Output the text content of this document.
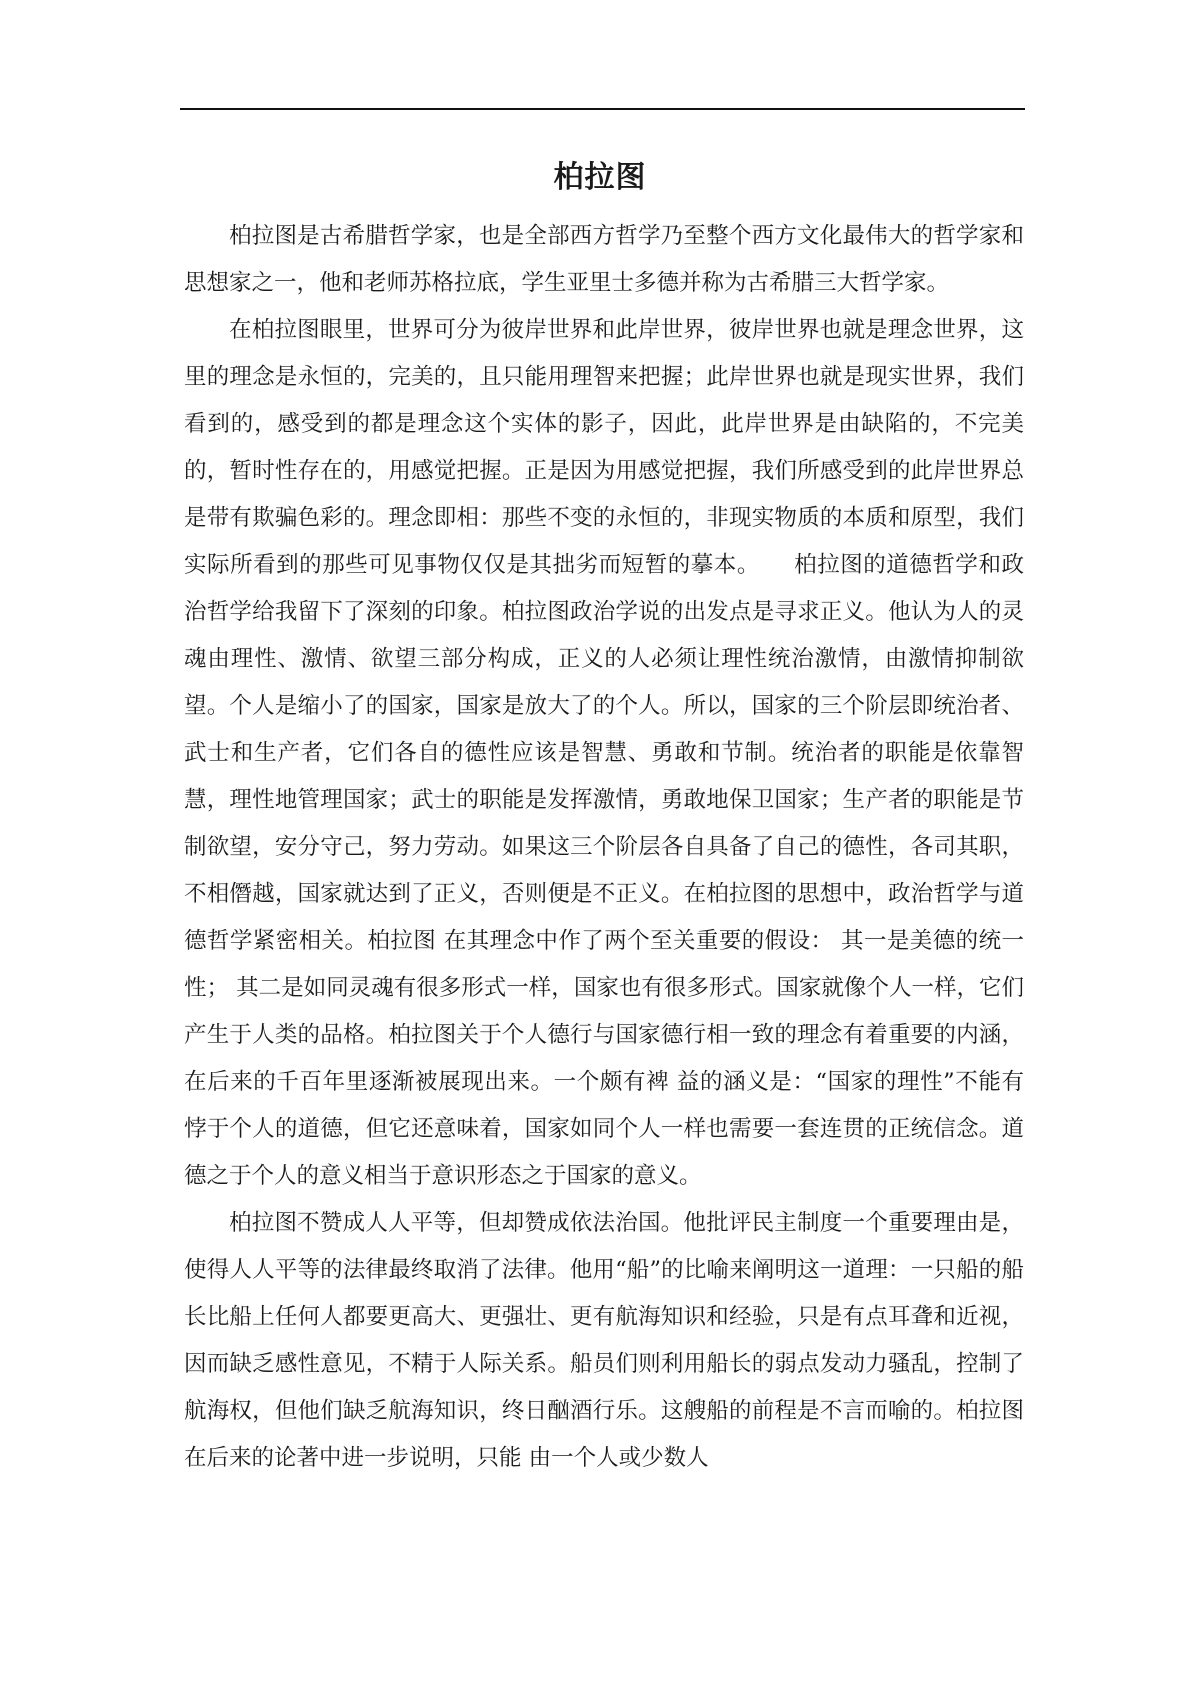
柏拉图

柏拉图是古希腊哲学家，也是全部西方哲学乃至整个西方文化最伟大的哲学家和思想家之一，他和老师苏格拉底，学生亚里士多德并称为古希腊三大哲学家。

在柏拉图眼里，世界可分为彼岸世界和此岸世界，彼岸世界也就是理念世界，这里的理念是永恒的，完美的，且只能用理智来把握；此岸世界也就是现实世界，我们看到的，感受到的都是理念这个实体的影子，因此，此岸世界是由缺陷的，不完美的，暂时性存在的，用感觉把握。正是因为用感觉把握，我们所感受到的此岸世界总是带有欺骗色彩的。理念即相：那些不变的永恒的，非现实物质的本质和原型，我们实际所看到的那些可见事物仅仅是其拙劣而短暂的摹本。 柏拉图的道德哲学和政治哲学给我留下了深刻的印象。柏拉图政治学说的出发点是寻求正义。他认为人的灵魂由理性、激情、欲望三部分构成，正义的人必须让理性统治激情，由激情抑制欲望。个人是缩小了的国家，国家是放大了的个人。所以，国家的三个阶层即统治者、武士和生产者，它们各自的德性应该是智慧、勇敢和节制。统治者的职能是依靠智慧，理性地管理国家；武士的职能是发挥激情，勇敢地保卫国家；生产者的职能是节制欲望，安分守己，努力劳动。如果这三个阶层各自具备了自己的德性，各司其职，不相僭越，国家就达到了正义，否则便是不正义。在柏拉图的思想中，政治哲学与道德哲学紧密相关。柏拉图 在其理念中作了两个至关重要的假设： 其一是美德的统一性； 其二是如同灵魂有很多形式一样，国家也有很多形式。国家就像个人一样，它们产生于人类的品格。柏拉图关于个人德行与国家德行相一致的理念有着重要的内涵，在后来的千百年里逐渐被展现出来。一个颇有裨 益的涵义是：“国家的理性”不能有悖于个人的道德，但它还意味着，国家如同个人一样也需要一套连贯的正统信念。道德之于个人的意义相当于意识形态之于国家的意义。

柏拉图不赞成人人平等，但却赞成依法治国。他批评民主制度一个重要理由是，使得人人平等的法律最终取消了法律。他用“船”的比喻来阐明这一道理：一只船的船长比船上任何人都要更高大、更强壮、更有航海知识和经验，只是有点耳聋和近视，因而缺乏感性意见，不精于人际关系。船员们则利用船长的弱点发动力骚乱，控制了航海权，但他们缺乏航海知识，终日酗酒行乐。这艘船的前程是不言而喻的。柏拉图在后来的论著中进一步说明，只能 由一个人或少数人
